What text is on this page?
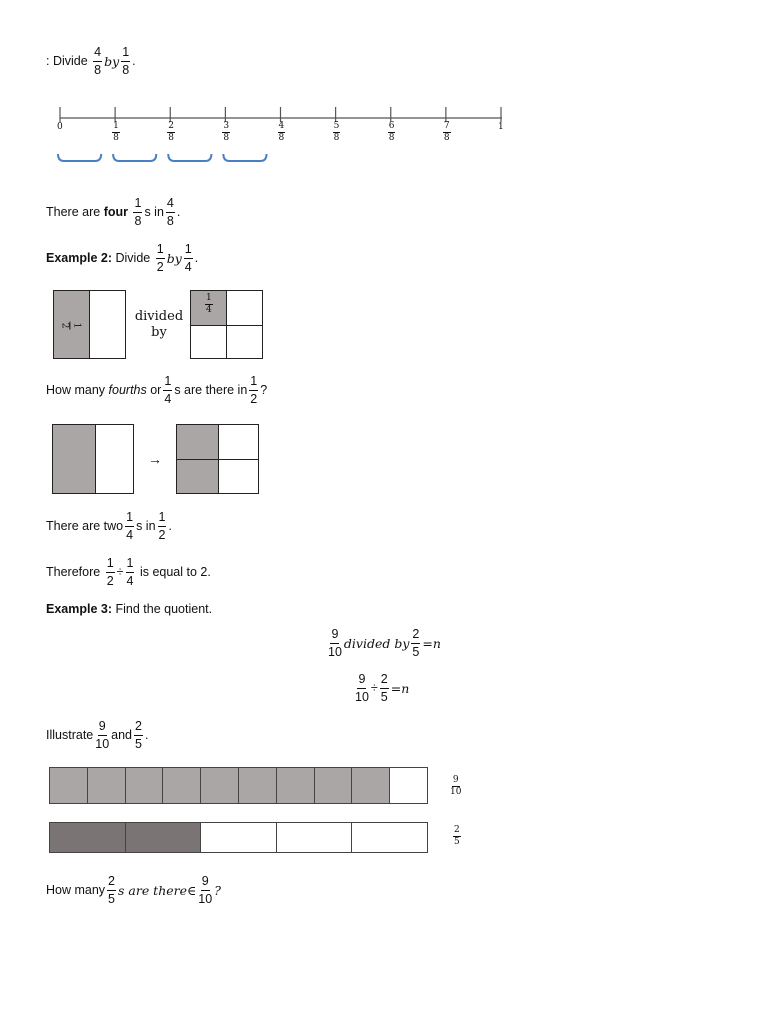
: Divide
$\frac{4}{8}$ by $\frac{1}{8}$ .
0	$\frac{1}{8}$	$\frac{2}{8}$	$\frac{3}{8}$	$\frac{4}{8}$	$\frac{5}{8}$	$\frac{6}{8}$	$\frac{7}{8}$	1
There are
four
$\frac{1}{8}$ s in $\frac{4}{8}$ .
Example 2:
Divide
$\frac{1}{2}$ by $\frac{1}{4}$ .
1
2
divided
by
$\frac{1}{4}$
How many
fourths
or $\frac{1}{4}$ s are there in $\frac{1}{2}$ ?
→
There are two $\frac{1}{4}$ s in $\frac{1}{2}$ .
Therefore
$\frac{1}{2} \div \frac{1}{4}$
is equal to 2.
Example 3:
Find the quotient.
$\frac{9}{10}$ divided by $\frac{2}{5} =n$
$\frac{9}{10} \div \frac{2}{5} =n$
Illustrate $\frac{9}{10}$ and $\frac{2}{5}$ .
$\frac{9}{10}$
$\frac{2}{5}$
How many $\frac{2}{5}$ s are there∈ $\frac{9}{10}$ ?
